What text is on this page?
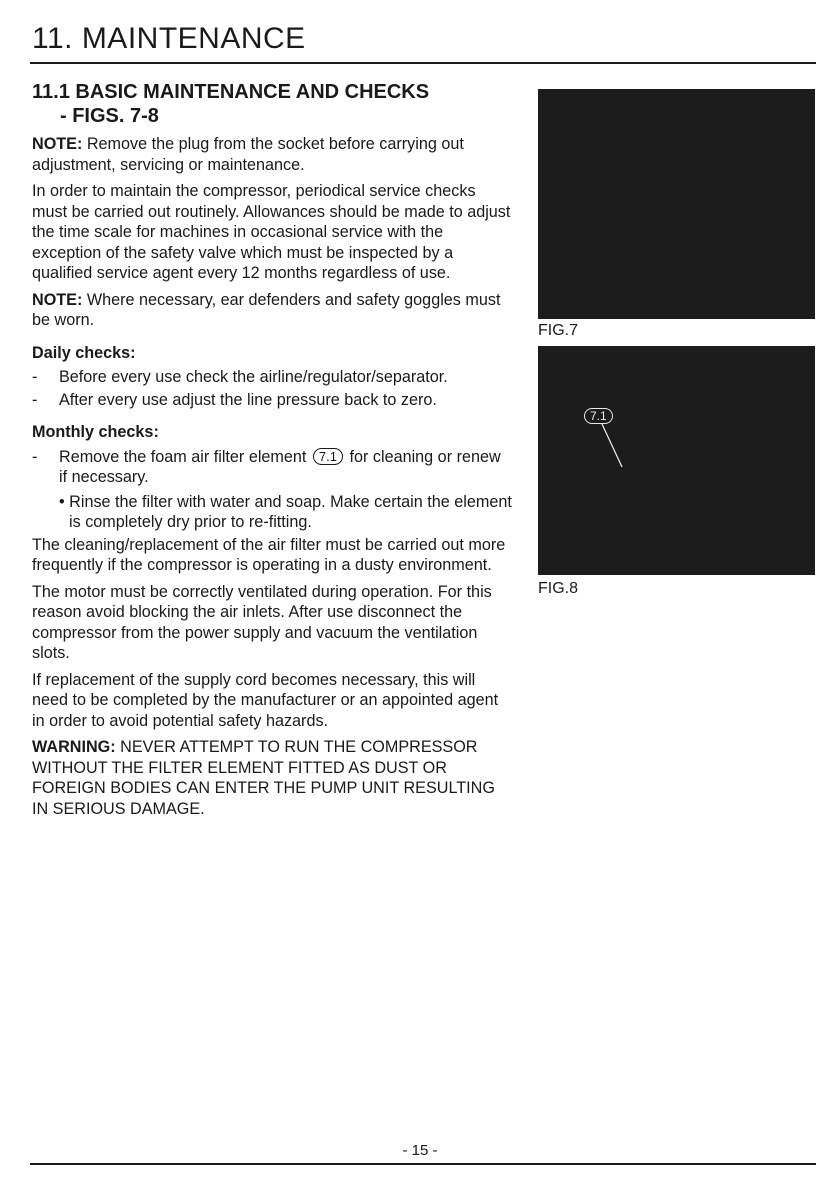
11. MAINTENANCE
11.1 BASIC MAINTENANCE AND CHECKS
- FIGS. 7-8

NOTE: Remove the plug from the socket before carrying out adjustment, servicing or maintenance.

In order to maintain the compressor, periodical service checks must be carried out routinely. Allowances should be made to adjust the time scale for machines in occasional service with the exception of the safety valve which must be inspected by a qualified service agent every 12 months regardless of use.

NOTE: Where necessary, ear defenders and safety goggles must be worn.

Daily checks:
- Before every use check the airline/regulator/separator.
- After every use adjust the line pressure back to zero.
Monthly checks:
- Remove the foam air filter element 7.1 for cleaning or renew if necessary.
• Rinse the filter with water and soap. Make certain the element is completely dry prior to re-fitting.

The cleaning/replacement of the air filter must be carried out more frequently if the compressor is operating in a dusty environment.

The motor must be correctly ventilated during operation. For this reason avoid blocking the air inlets. After use disconnect the compressor from the power supply and vacuum the ventilation slots.

If replacement of the supply cord becomes necessary, this will need to be completed by the manufacturer or an appointed agent in order to avoid potential safety hazards.

WARNING: NEVER ATTEMPT TO RUN THE COMPRESSOR WITHOUT THE FILTER ELEMENT FITTED AS DUST OR FOREIGN BODIES CAN ENTER THE PUMP UNIT RESULTING IN SERIOUS DAMAGE.

FIG.7
7.1
FIG.8
- 15 -
